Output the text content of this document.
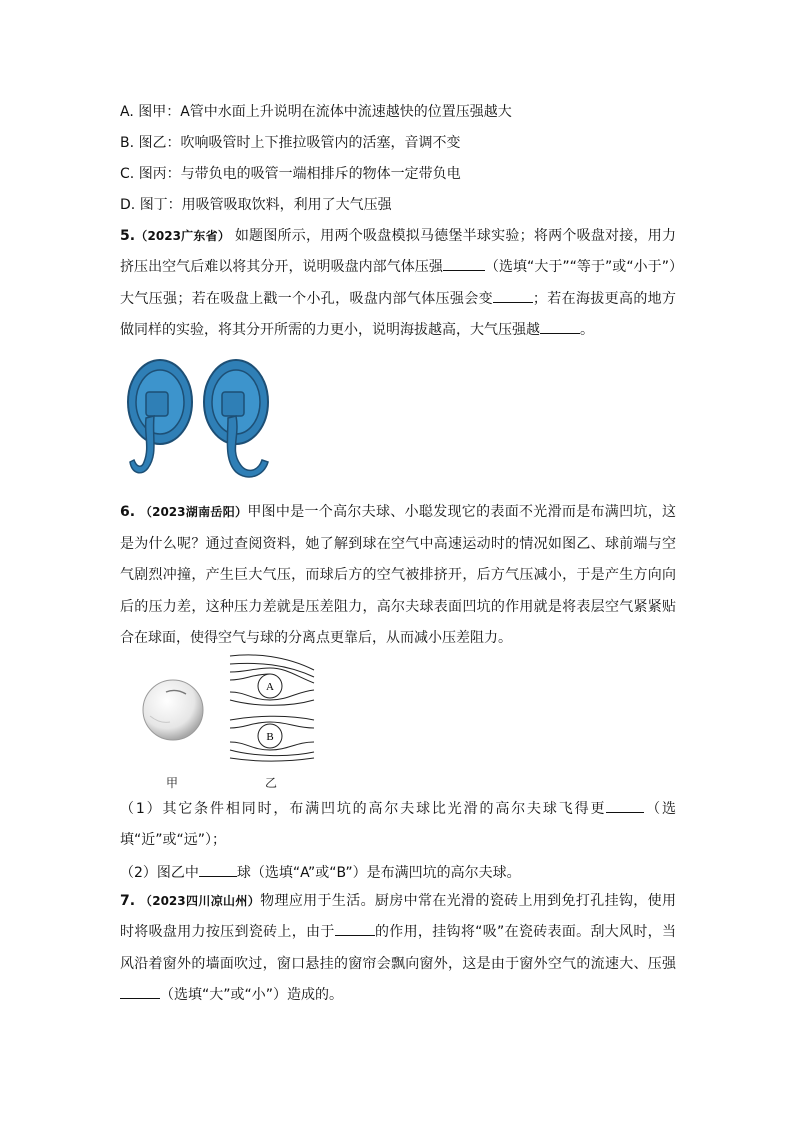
A. 图甲：A管中水面上升说明在流体中流速越快的位置压强越大
B. 图乙：吹响吸管时上下推拉吸管内的活塞，音调不变
C. 图丙：与带负电的吸管一端相排斥的物体一定带负电
D. 图丁：用吸管吸取饮料，利用了大气压强
5.（2023广东省） 如题图所示，用两个吸盘模拟马德堡半球实验；将两个吸盘对接，用力挤压出空气后难以将其分开，说明吸盘内部气体压强	（选填“大于”“等于”或“小于”）大气压强；若在吸盘上戳一个小孔，吸盘内部气体压强会变	；若在海拔更高的地方做同样的实验，将其分开所需的力更小，说明海拔越高，大气压强越	。
6. （2023湖南岳阳）甲图中是一个高尔夫球、小聪发现它的表面不光滑而是布满凹坑，这是为什么呢？通过查阅资料，她了解到球在空气中高速运动时的情况如图乙、球前端与空气剧烈冲撞，产生巨大气压，而球后方的空气被排挤开，后方气压减小，于是产生方向向后的压力差，这种压力差就是压差阻力，高尔夫球表面凹坑的作用就是将表层空气紧紧贴合在球面，使得空气与球的分离点更靠后，从而减小压差阻力。
A
B
甲	乙
（1）其它条件相同时，布满凹坑的高尔夫球比光滑的高尔夫球飞得更	（选填“近”或“远”）；
（2）图乙中	球（选填“A”或“B”）是布满凹坑的高尔夫球。
7. （2023四川凉山州）物理应用于生活。厨房中常在光滑的瓷砖上用到免打孔挂钩，使用时将吸盘用力按压到瓷砖上，由于	的作用，挂钩将“吸”在瓷砖表面。刮大风时，当风沿着窗外的墙面吹过，窗口悬挂的窗帘会飘向窗外，这是由于窗外空气的流速大、压强（选填“大”或“小”）造成的。
